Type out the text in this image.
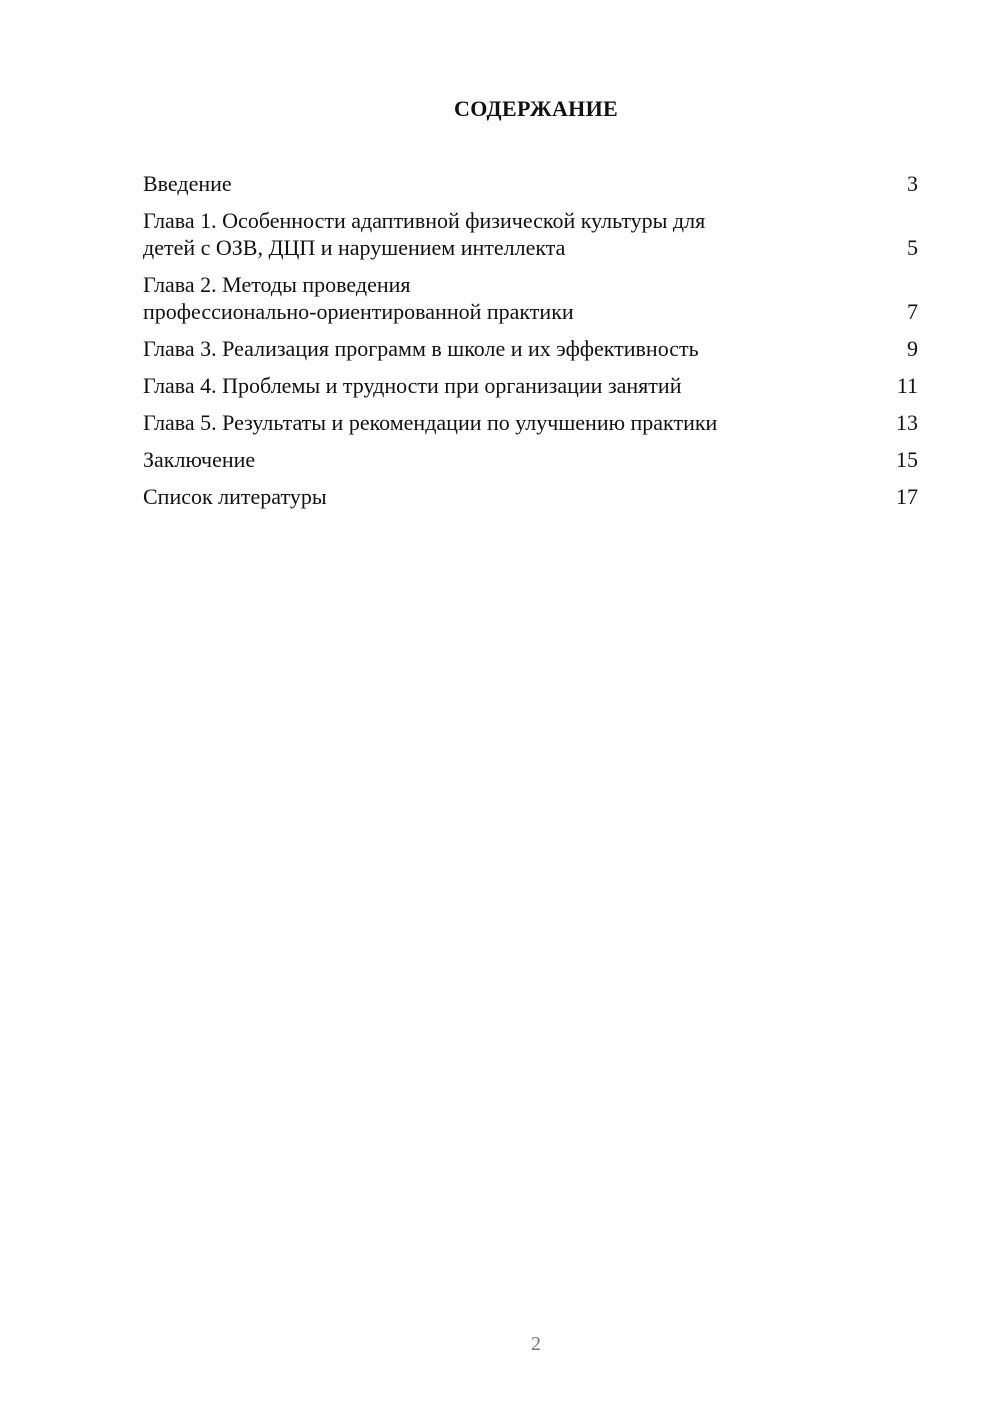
СОДЕРЖАНИЕ
Введение	3
Глава 1. Особенности адаптивной физической культуры для
детей с ОЗВ, ДЦП и нарушением интеллекта	5
Глава 2. Методы проведения
профессионально-ориентированной практики	7
Глава 3. Реализация программ в школе и их эффективность	9
Глава 4. Проблемы и трудности при организации занятий	11
Глава 5. Результаты и рекомендации по улучшению практики	13
Заключение	15
Список литературы	17
2
